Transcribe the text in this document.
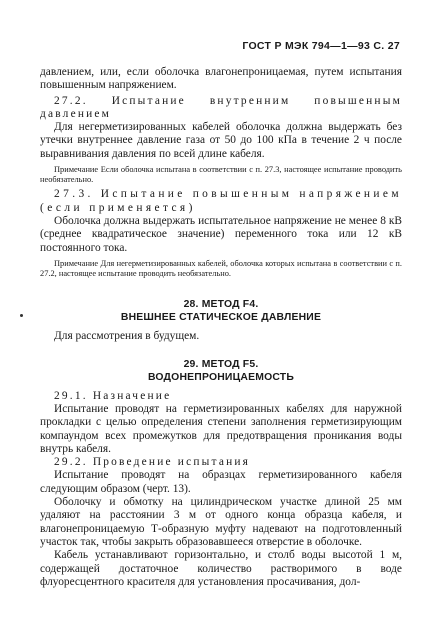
ГОСТ Р МЭК 794—1—93 С. 27

давлением, или, если оболочка влагонепроницаемая, путем испытания повышенным напряжением.

27.2. Испытание внутренним повышенным давлением

Для негерметизированных кабелей оболочка должна выдержать без утечки внутреннее давление газа от 50 до 100 кПа в течение 2 ч после выравнивания давления по всей длине кабеля.

Примечание Если оболочка испытана в соответствии с п. 27.3, настоящее испытание проводить необязательно.

27.3. Испытание повышенным напряжением (если применяется)

Оболочка должна выдержать испытательное напряжение не менее 8 кВ (среднее квадратическое значение) переменного тока или 12 кВ постоянного тока.

Примечание Для негерметизированных кабелей, оболочка которых испытана в соответствии с п. 27.2, настоящее испытание проводить необязательно.

28. МЕТОД F4.
ВНЕШНЕЕ СТАТИЧЕСКОЕ ДАВЛЕНИЕ

Для рассмотрения в будущем.

29. МЕТОД F5.
ВОДОНЕПРОНИЦАЕМОСТЬ

29.1. Назначение

Испытание проводят на герметизированных кабелях для наружной прокладки с целью определения степени заполнения герметизирующим компаундом всех промежутков для предотвращения проникания воды внутрь кабеля.

29.2. Проведение испытания

Испытание проводят на образцах герметизированного кабеля следующим образом (черт. 13).

Оболочку и обмотку на цилиндрическом участке длиной 25 мм удаляют на расстоянии 3 м от одного конца образца кабеля, и влагонепроницаемую Т-образную муфту надевают на подготовленный участок так, чтобы закрыть образовавшееся отверстие в оболочке.

Кабель устанавливают горизонтально, и столб воды высотой 1 м, содержащей достаточное количество растворимого в воде флуоресцентного красителя для установления просачивания, дол-
